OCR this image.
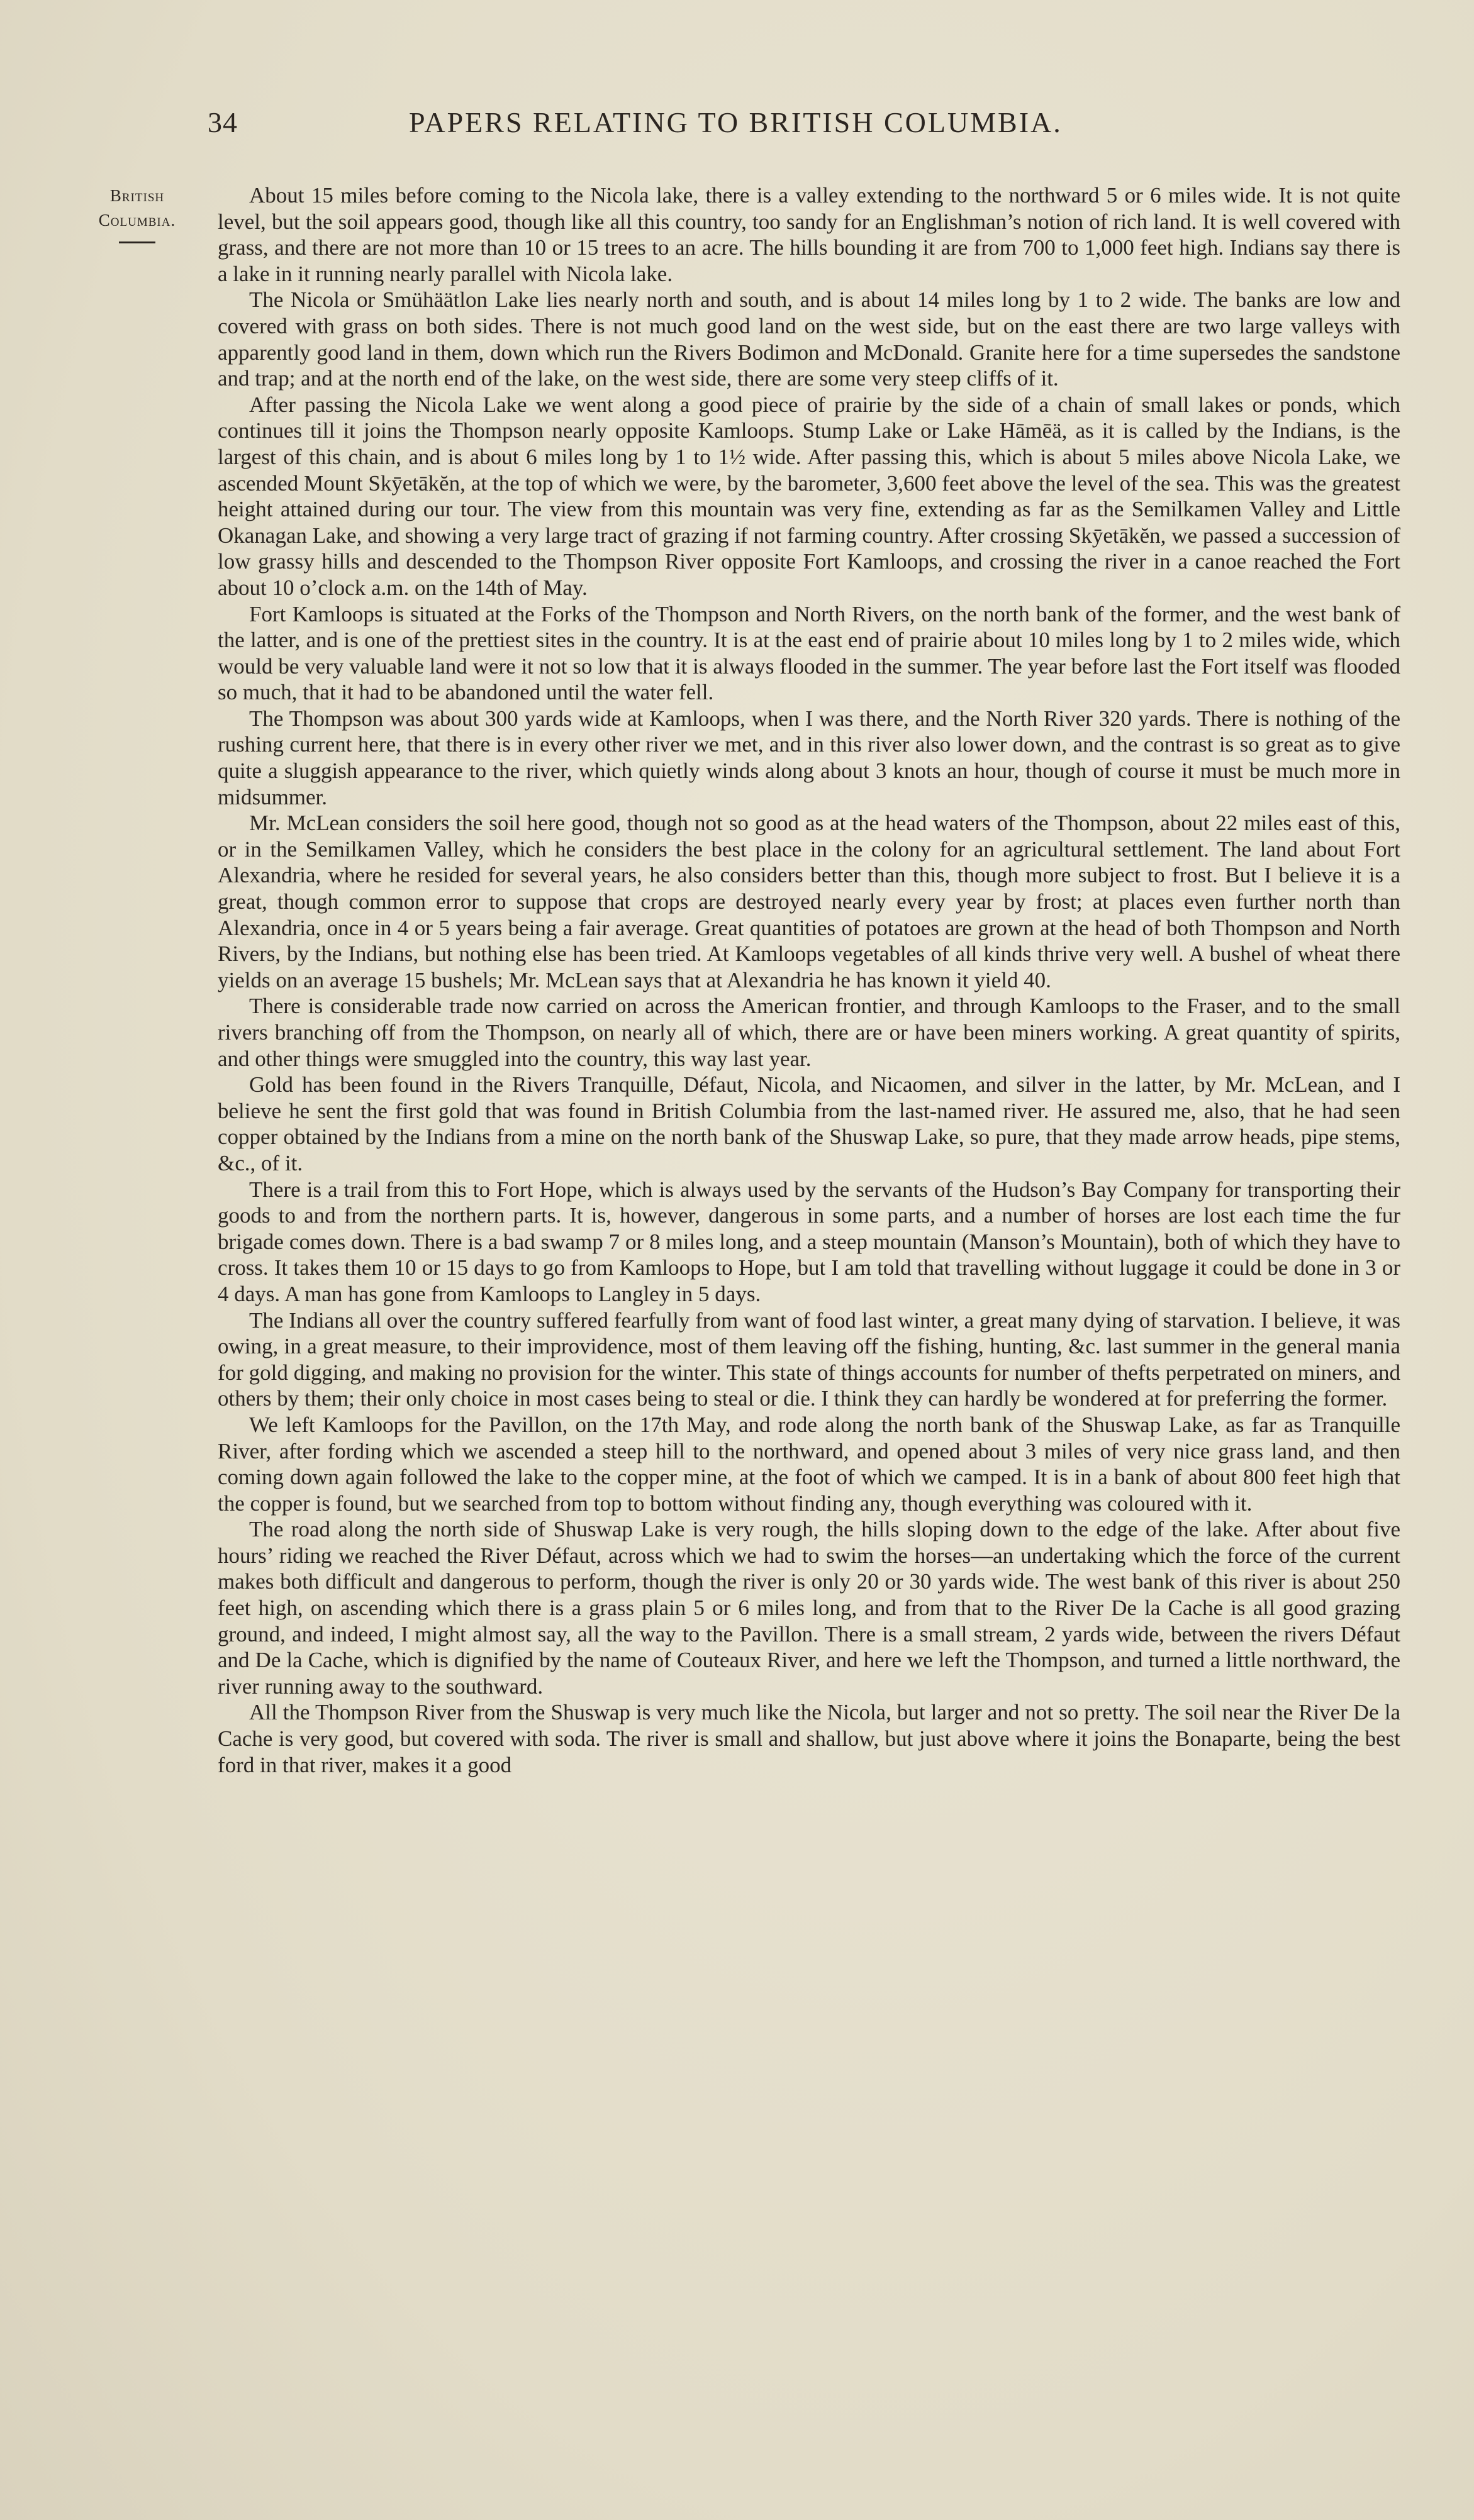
34	PAPERS RELATING TO BRITISH COLUMBIA.
British
Columbia.

About 15 miles before coming to the Nicola lake, there is a valley extending to the northward 5 or 6 miles wide. It is not quite level, but the soil appears good, though like all this country, too sandy for an Englishman’s notion of rich land. It is well covered with grass, and there are not more than 10 or 15 trees to an acre. The hills bounding it are from 700 to 1,000 feet high. Indians say there is a lake in it running nearly parallel with Nicola lake.

The Nicola or Smühäätlon Lake lies nearly north and south, and is about 14 miles long by 1 to 2 wide. The banks are low and covered with grass on both sides. There is not much good land on the west side, but on the east there are two large valleys with apparently good land in them, down which run the Rivers Bodimon and McDonald. Granite here for a time supersedes the sandstone and trap; and at the north end of the lake, on the west side, there are some very steep cliffs of it.

After passing the Nicola Lake we went along a good piece of prairie by the side of a chain of small lakes or ponds, which continues till it joins the Thompson nearly opposite Kamloops. Stump Lake or Lake Hāmēä, as it is called by the Indians, is the largest of this chain, and is about 6 miles long by 1 to 1½ wide. After passing this, which is about 5 miles above Nicola Lake, we ascended Mount Skȳetākĕn, at the top of which we were, by the barometer, 3,600 feet above the level of the sea. This was the greatest height attained during our tour. The view from this mountain was very fine, extending as far as the Semilkamen Valley and Little Okanagan Lake, and showing a very large tract of grazing if not farming country. After crossing Skȳetākĕn, we passed a succession of low grassy hills and descended to the Thompson River opposite Fort Kamloops, and crossing the river in a canoe reached the Fort about 10 o’clock a.m. on the 14th of May.

Fort Kamloops is situated at the Forks of the Thompson and North Rivers, on the north bank of the former, and the west bank of the latter, and is one of the prettiest sites in the country. It is at the east end of prairie about 10 miles long by 1 to 2 miles wide, which would be very valuable land were it not so low that it is always flooded in the summer. The year before last the Fort itself was flooded so much, that it had to be abandoned until the water fell.

The Thompson was about 300 yards wide at Kamloops, when I was there, and the North River 320 yards. There is nothing of the rushing current here, that there is in every other river we met, and in this river also lower down, and the contrast is so great as to give quite a sluggish appearance to the river, which quietly winds along about 3 knots an hour, though of course it must be much more in midsummer.

Mr. McLean considers the soil here good, though not so good as at the head waters of the Thompson, about 22 miles east of this, or in the Semilkamen Valley, which he considers the best place in the colony for an agricultural settlement. The land about Fort Alexandria, where he resided for several years, he also considers better than this, though more subject to frost. But I believe it is a great, though common error to suppose that crops are destroyed nearly every year by frost; at places even further north than Alexandria, once in 4 or 5 years being a fair average. Great quantities of potatoes are grown at the head of both Thompson and North Rivers, by the Indians, but nothing else has been tried. At Kamloops vegetables of all kinds thrive very well. A bushel of wheat there yields on an average 15 bushels; Mr. McLean says that at Alexandria he has known it yield 40.

There is considerable trade now carried on across the American frontier, and through Kamloops to the Fraser, and to the small rivers branching off from the Thompson, on nearly all of which, there are or have been miners working. A great quantity of spirits, and other things were smuggled into the country, this way last year.

Gold has been found in the Rivers Tranquille, Défaut, Nicola, and Nicaomen, and silver in the latter, by Mr. McLean, and I believe he sent the first gold that was found in British Columbia from the last-named river. He assured me, also, that he had seen copper obtained by the Indians from a mine on the north bank of the Shuswap Lake, so pure, that they made arrow heads, pipe stems, &c., of it.

There is a trail from this to Fort Hope, which is always used by the servants of the Hudson’s Bay Company for transporting their goods to and from the northern parts. It is, however, dangerous in some parts, and a number of horses are lost each time the fur brigade comes down. There is a bad swamp 7 or 8 miles long, and a steep mountain (Manson’s Mountain), both of which they have to cross. It takes them 10 or 15 days to go from Kamloops to Hope, but I am told that travelling without luggage it could be done in 3 or 4 days. A man has gone from Kamloops to Langley in 5 days.

The Indians all over the country suffered fearfully from want of food last winter, a great many dying of starvation. I believe, it was owing, in a great measure, to their improvidence, most of them leaving off the fishing, hunting, &c. last summer in the general mania for gold digging, and making no provision for the winter. This state of things accounts for number of thefts perpetrated on miners, and others by them; their only choice in most cases being to steal or die. I think they can hardly be wondered at for preferring the former.

We left Kamloops for the Pavillon, on the 17th May, and rode along the north bank of the Shuswap Lake, as far as Tranquille River, after fording which we ascended a steep hill to the northward, and opened about 3 miles of very nice grass land, and then coming down again followed the lake to the copper mine, at the foot of which we camped. It is in a bank of about 800 feet high that the copper is found, but we searched from top to bottom without finding any, though everything was coloured with it.

The road along the north side of Shuswap Lake is very rough, the hills sloping down to the edge of the lake. After about five hours’ riding we reached the River Défaut, across which we had to swim the horses—an undertaking which the force of the current makes both difficult and dangerous to perform, though the river is only 20 or 30 yards wide. The west bank of this river is about 250 feet high, on ascending which there is a grass plain 5 or 6 miles long, and from that to the River De la Cache is all good grazing ground, and indeed, I might almost say, all the way to the Pavillon. There is a small stream, 2 yards wide, between the rivers Défaut and De la Cache, which is dignified by the name of Couteaux River, and here we left the Thompson, and turned a little northward, the river running away to the southward.

All the Thompson River from the Shuswap is very much like the Nicola, but larger and not so pretty. The soil near the River De la Cache is very good, but covered with soda. The river is small and shallow, but just above where it joins the Bonaparte, being the best ford in that river, makes it a good
